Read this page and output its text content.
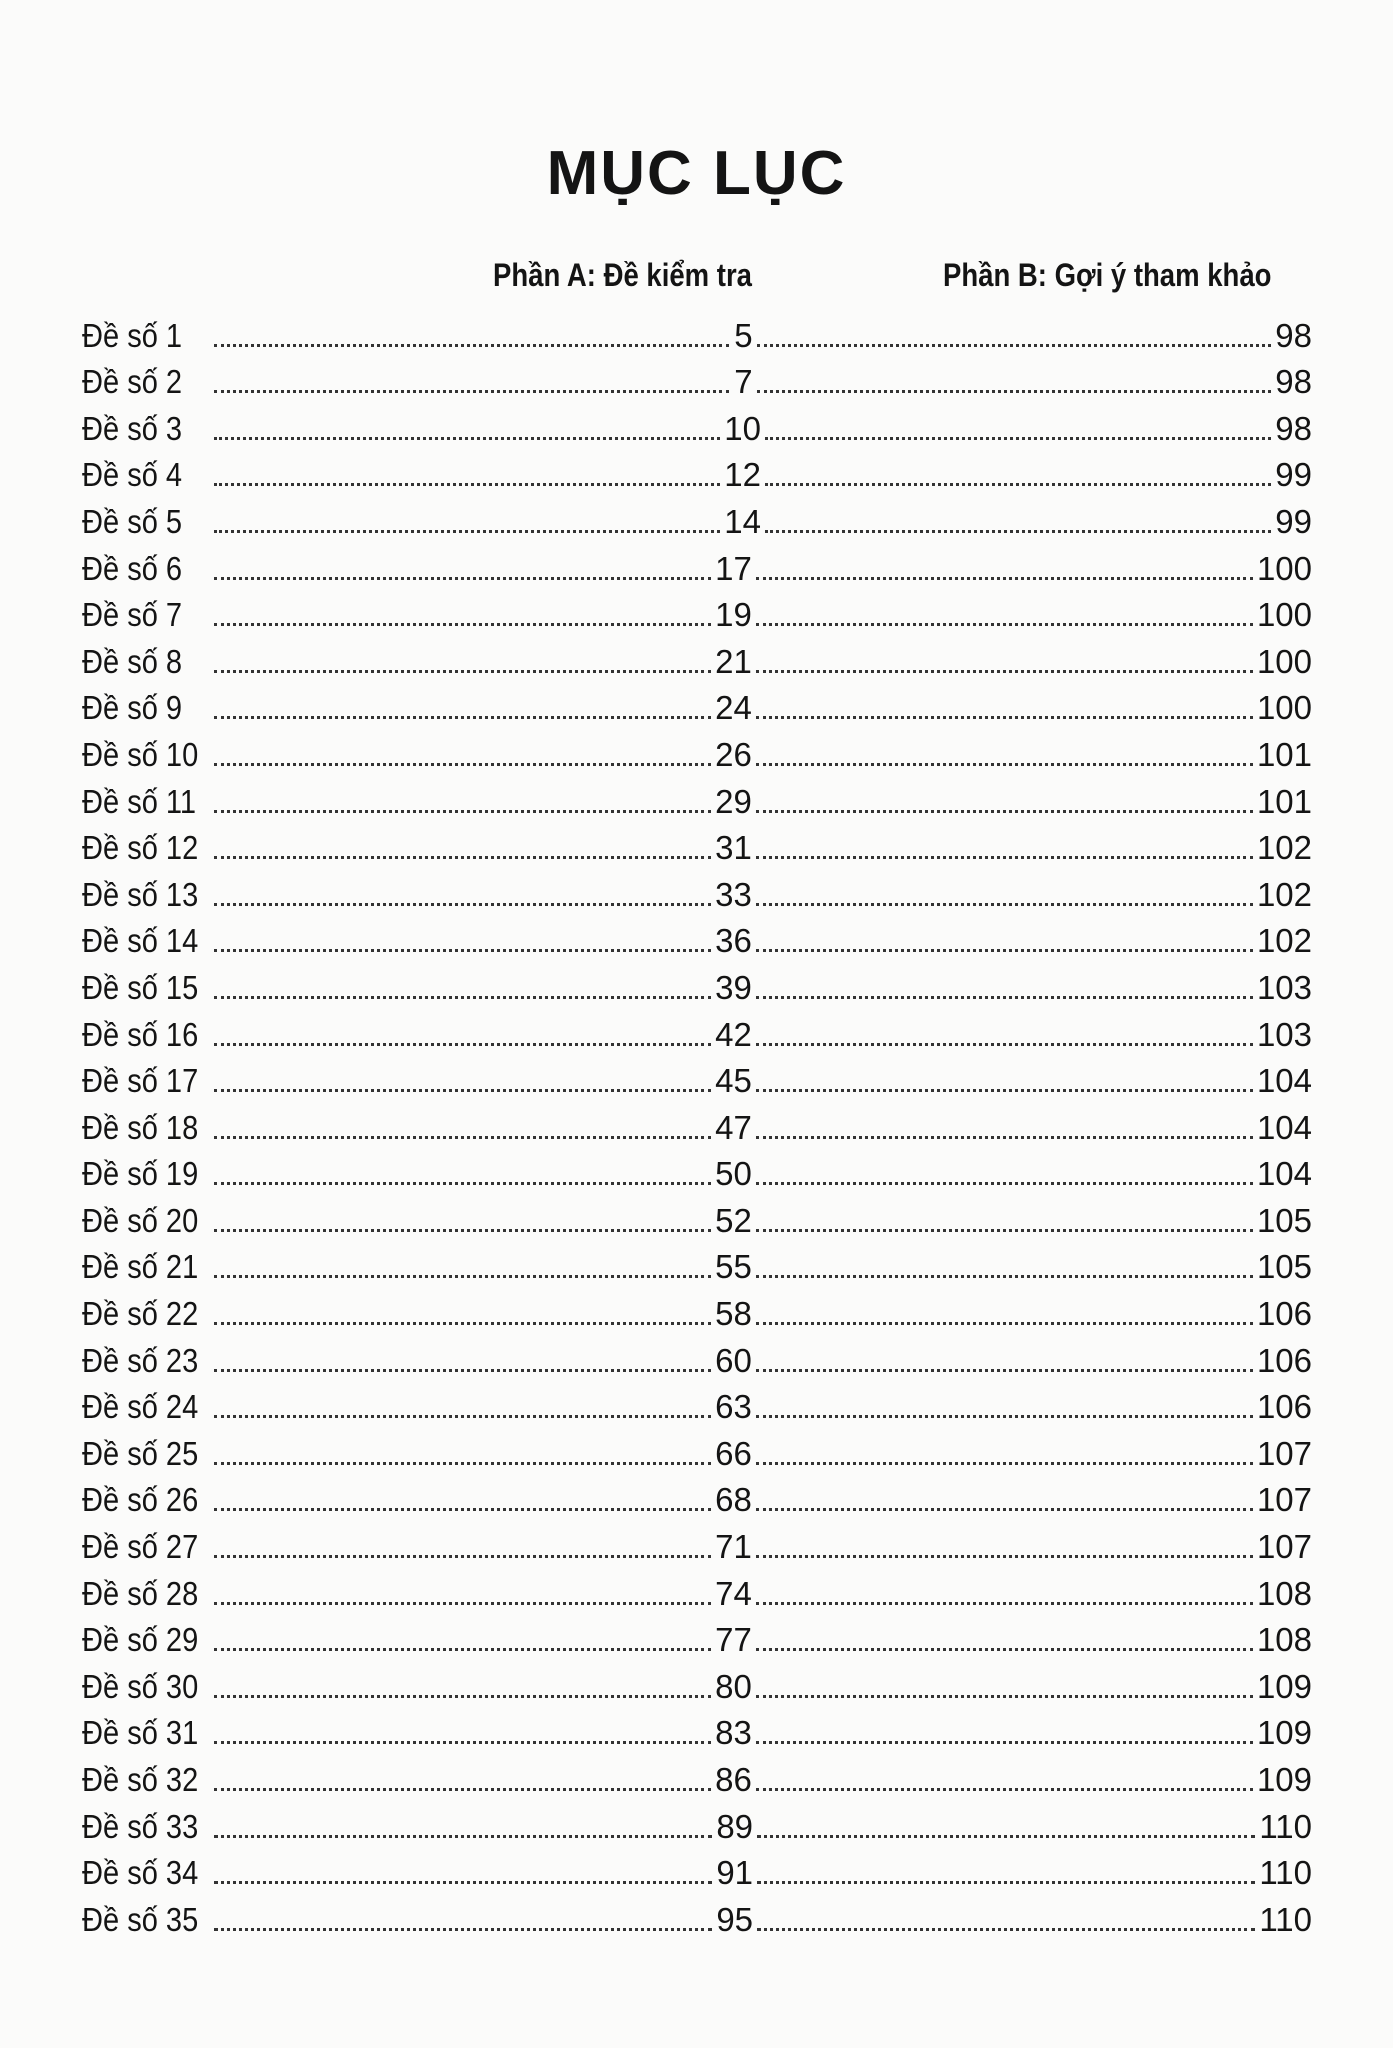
MỤC LỤC
Phần A: Đề kiểm tra	Phần B: Gợi ý tham khảo
Đề số 1	5	98
Đề số 2	7	98
Đề số 3	10	98
Đề số 4	12	99
Đề số 5	14	99
Đề số 6	17	100
Đề số 7	19	100
Đề số 8	21	100
Đề số 9	24	100
Đề số 10	26	101
Đề số 11	29	101
Đề số 12	31	102
Đề số 13	33	102
Đề số 14	36	102
Đề số 15	39	103
Đề số 16	42	103
Đề số 17	45	104
Đề số 18	47	104
Đề số 19	50	104
Đề số 20	52	105
Đề số 21	55	105
Đề số 22	58	106
Đề số 23	60	106
Đề số 24	63	106
Đề số 25	66	107
Đề số 26	68	107
Đề số 27	71	107
Đề số 28	74	108
Đề số 29	77	108
Đề số 30	80	109
Đề số 31	83	109
Đề số 32	86	109
Đề số 33	89	110
Đề số 34	91	110
Đề số 35	95	110
